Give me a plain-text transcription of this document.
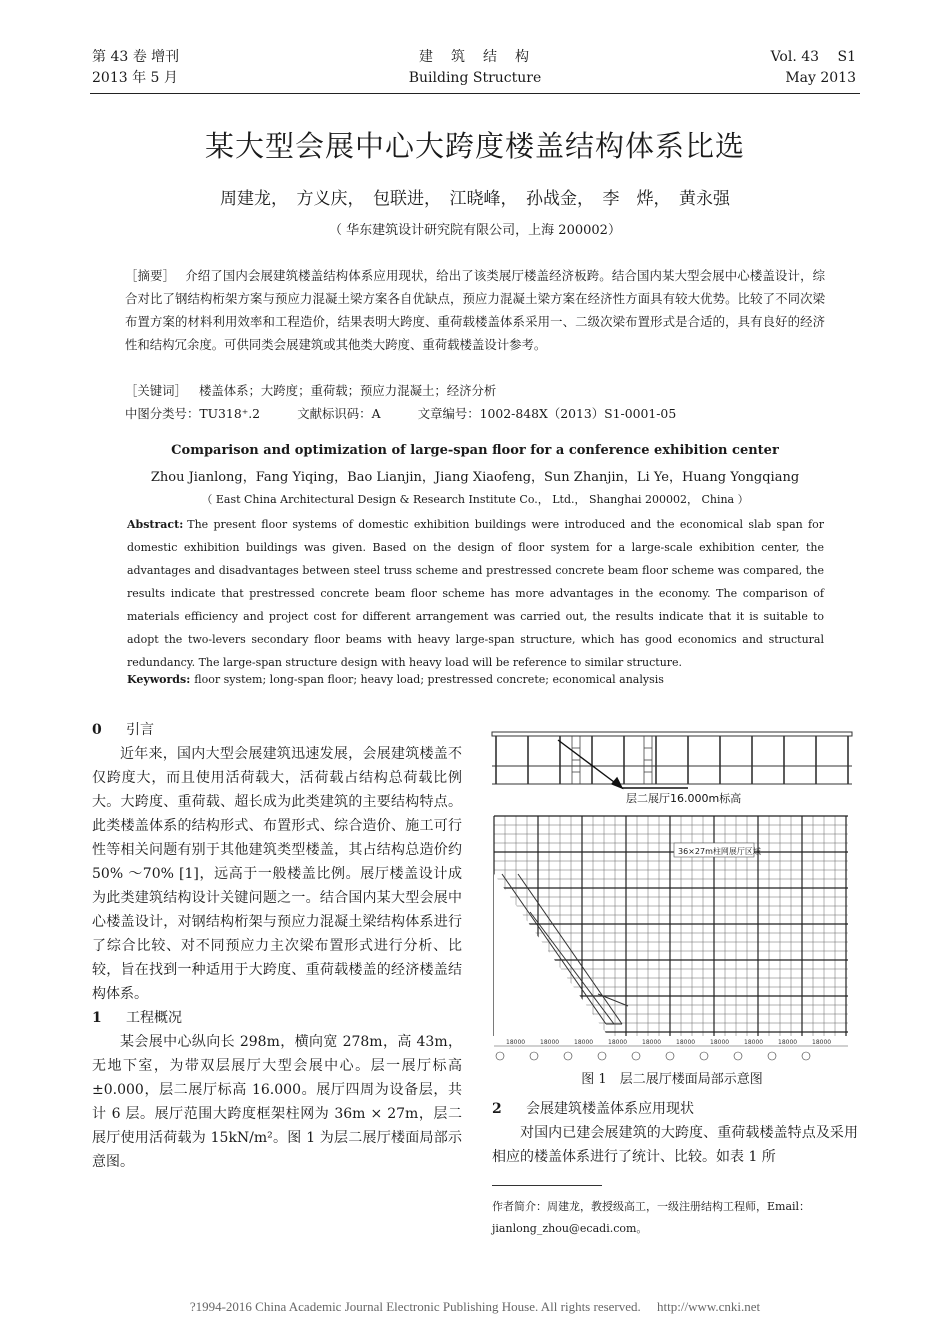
第 43 卷 增刊
2013 年 5 月
建　筑　结　构
Building Structure
Vol. 43　 S1
May 2013
某大型会展中心大跨度楼盖结构体系比选
周建龙，　方义庆，　包联进，　江晓峰，　孙战金，　李　烨，　黄永强
（ 华东建筑设计研究院有限公司，上海 200002）
［摘要］ 介绍了国内会展建筑楼盖结构体系应用现状，给出了该类展厅楼盖经济板跨。结合国内某大型会展中心楼盖设计，综合对比了钢结构桁架方案与预应力混凝土梁方案各自优缺点，预应力混凝土梁方案在经济性方面具有较大优势。比较了不同次梁布置方案的材料利用效率和工程造价，结果表明大跨度、重荷载楼盖体系采用一、二级次梁布置形式是合适的，具有良好的经济性和结构冗余度。可供同类会展建筑或其他类大跨度、重荷载楼盖设计参考。
［关键词］ 楼盖体系；大跨度；重荷载；预应力混凝土；经济分析
中图分类号：TU318⁺.2　　　文献标识码：A　　　文章编号：1002-848X（2013）S1-0001-05
Comparison and optimization of large-span floor for a conference exhibition center
Zhou Jianlong，Fang Yiqing，Bao Lianjin，Jiang Xiaofeng，Sun Zhanjin，Li Ye，Huang Yongqiang
（ East China Architectural Design & Research Institute Co.， Ltd.， Shanghai 200002， China ）
Abstract: The present floor systems of domestic exhibition buildings were introduced and the economical slab span for domestic exhibition buildings was given. Based on the design of floor system for a large-scale exhibition center, the advantages and disadvantages between steel truss scheme and prestressed concrete beam floor scheme was compared, the results indicate that prestressed concrete beam floor scheme has more advantages in the economy. The comparison of materials efficiency and project cost for different arrangement was carried out, the results indicate that it is suitable to adopt the two-levers secondary floor beams with heavy large-span structure, which has good economics and structural redundancy. The large-span structure design with heavy load will be reference to similar structure.
Keywords: floor system; long-span floor; heavy load; prestressed concrete; economical analysis

0 引言

近年来，国内大型会展建筑迅速发展，会展建筑楼盖不仅跨度大，而且使用活荷载大，活荷载占结构总荷载比例大。大跨度、重荷载、超长成为此类建筑的主要结构特点。此类楼盖体系的结构形式、布置形式、综合造价、施工可行性等相关问题有别于其他建筑类型楼盖，其占结构总造价约 50% ～70% [1]，远高于一般楼盖比例。展厅楼盖设计成为此类建筑结构设计关键问题之一。结合国内某大型会展中心楼盖设计，对钢结构桁架与预应力混凝土梁结构体系进行了综合比较、对不同预应力主次梁布置形式进行分析、比较，旨在找到一种适用于大跨度、重荷载楼盖的经济楼盖结构体系。

1 工程概况

某会展中心纵向长 298m，横向宽 278m，高 43m，无地下室，为带双层展厅大型会展中心。层一展厅标高 ±0.000，层二展厅标高 16.000。展厅四周为设备层，共计 6 层。展厅范围大跨度框架柱网为 36m × 27m，层二展厅使用活荷载为 15kN/m²。图 1 为层二展厅楼面局部示意图。

层二展厅16.000m标高
36×27m柱网展厅区域
18000 18000 18000 18000 18000 18000 18000 18000 18000 18000
图 1　层二展厅楼面局部示意图

2 会展建筑楼盖体系应用现状

对国内已建会展建筑的大跨度、重荷载楼盖特点及采用相应的楼盖体系进行了统计、比较。如表 1 所

作者简介：周建龙，教授级高工，一级注册结构工程师，Email：jianlong_zhou@ecadi.com。
?1994-2016 China Academic Journal Electronic Publishing House. All rights reserved.　 http://www.cnki.net
